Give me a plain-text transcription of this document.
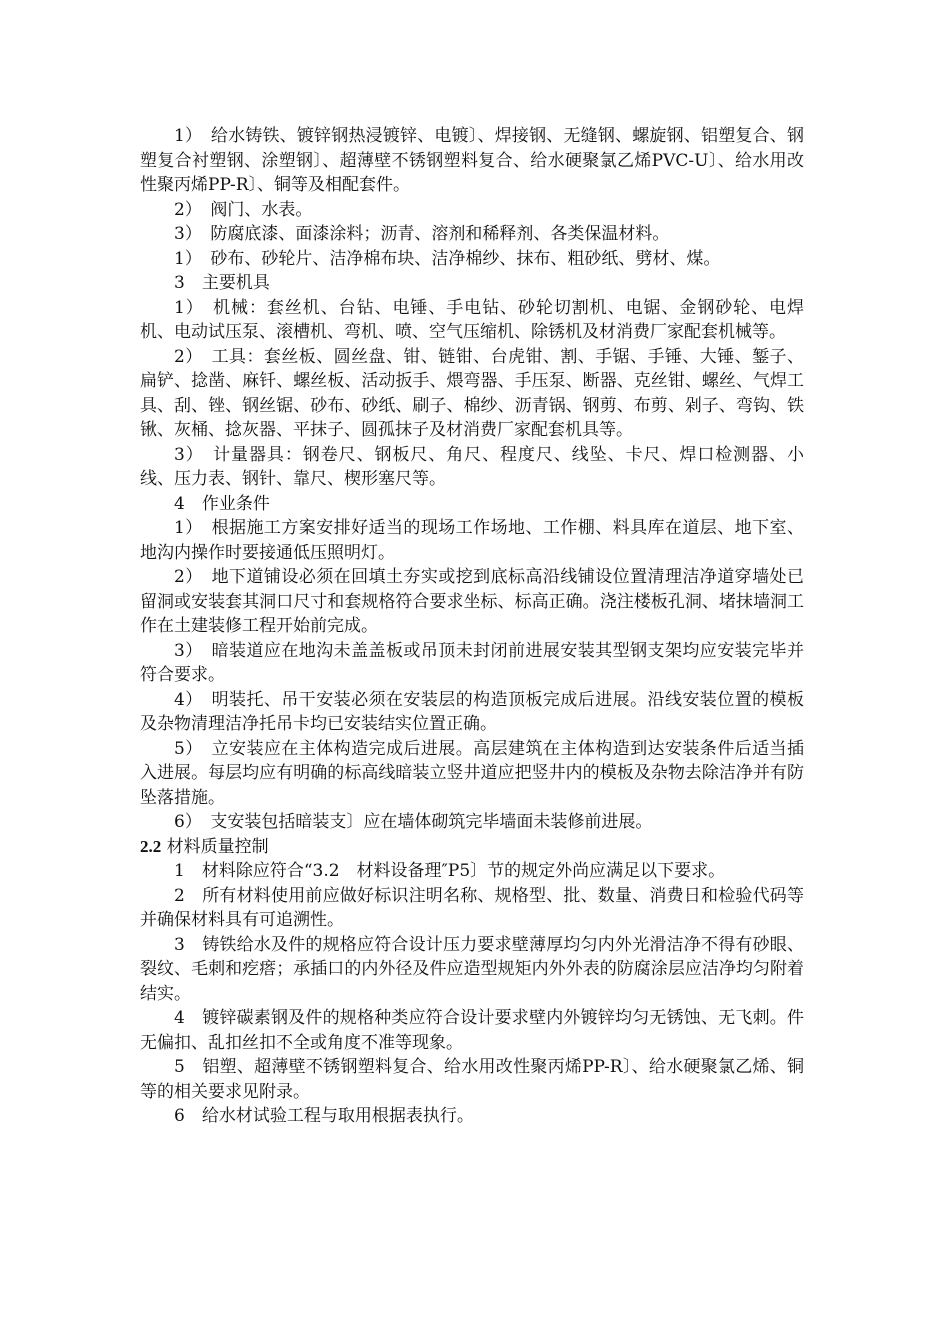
1）　给水铸铁、镀锌钢热浸镀锌、电镀〕、焊接钢、无缝钢、螺旋钢、铝塑复合、钢塑复合衬塑钢、涂塑钢〕、超薄壁不锈钢塑料复合、给水硬聚氯乙烯PVC-U〕、给水用改性聚丙烯PP-R〕、铜等及相配套件。

2）　阀门、水表。

3）　防腐底漆、面漆涂料；沥青、溶剂和稀释剂、各类保温材料。

1）　砂布、砂轮片、洁净棉布块、洁净棉纱、抹布、粗砂纸、劈材、煤。

3　主要机具

1）　机械：套丝机、台钻、电锤、手电钻、砂轮切割机、电锯、金钢砂轮、电焊机、电动试压泵、滚槽机、弯机、喷、空气压缩机、除锈机及材消费厂家配套机械等。

2）　工具：套丝板、圆丝盘、钳、链钳、台虎钳、割、手锯、手锤、大锤、錾子、扁铲、捻凿、麻钎、螺丝板、活动扳手、煨弯器、手压泵、断器、克丝钳、螺丝、气焊工具、刮、锉、钢丝锯、砂布、砂纸、刷子、棉纱、沥青锅、钢剪、布剪、剁子、弯钩、铁锹、灰桶、捻灰器、平抹子、圆孤抹子及材消费厂家配套机具等。

3）　计量器具：钢卷尺、钢板尺、角尺、程度尺、线坠、卡尺、焊口检测器、小线、压力表、钢针、靠尺、楔形塞尺等。

4　作业条件

1）　根据施工方案安排好适当的现场工作场地、工作棚、料具库在道层、地下室、地沟内操作时要接通低压照明灯。

2）　地下道铺设必须在回填土夯实或挖到底标高沿线铺设位置清理洁净道穿墙处已留洞或安装套其洞口尺寸和套规格符合要求坐标、标高正确。浇注楼板孔洞、堵抹墙洞工作在土建装修工程开始前完成。

3）　暗装道应在地沟未盖盖板或吊顶未封闭前进展安装其型钢支架均应安装完毕并符合要求。

4）　明装托、吊干安装必须在安装层的构造顶板完成后进展。沿线安装位置的模板及杂物清理洁净托吊卡均已安装结实位置正确。

5）　立安装应在主体构造完成后进展。高层建筑在主体构造到达安装条件后适当插入进展。每层均应有明确的标高线暗装立竖井道应把竖井内的模板及杂物去除洁净并有防坠落措施。

6）　支安装包括暗装支〕应在墙体砌筑完毕墙面未装修前进展。

2.2 材料质量控制

1　材料除应符合“3.2　材料设备理″P5〕节的规定外尚应满足以下要求。

2　所有材料使用前应做好标识注明名称、规格型、批、数量、消费日和检验代码等并确保材料具有可追溯性。

3　铸铁给水及件的规格应符合设计压力要求壁薄厚均匀内外光滑洁净不得有砂眼、裂纹、毛刺和疙瘩；承插口的内外径及件应造型规矩内外外表的防腐涂层应洁净均匀附着结实。

4　镀锌碳素钢及件的规格种类应符合设计要求壁内外镀锌均匀无锈蚀、无飞刺。件无偏扣、乱扣丝扣不全或角度不准等现象。

5　铝塑、超薄壁不锈钢塑料复合、给水用改性聚丙烯PP-R〕、给水硬聚氯乙烯、铜等的相关要求见附录。

6　给水材试验工程与取用根据表执行。
